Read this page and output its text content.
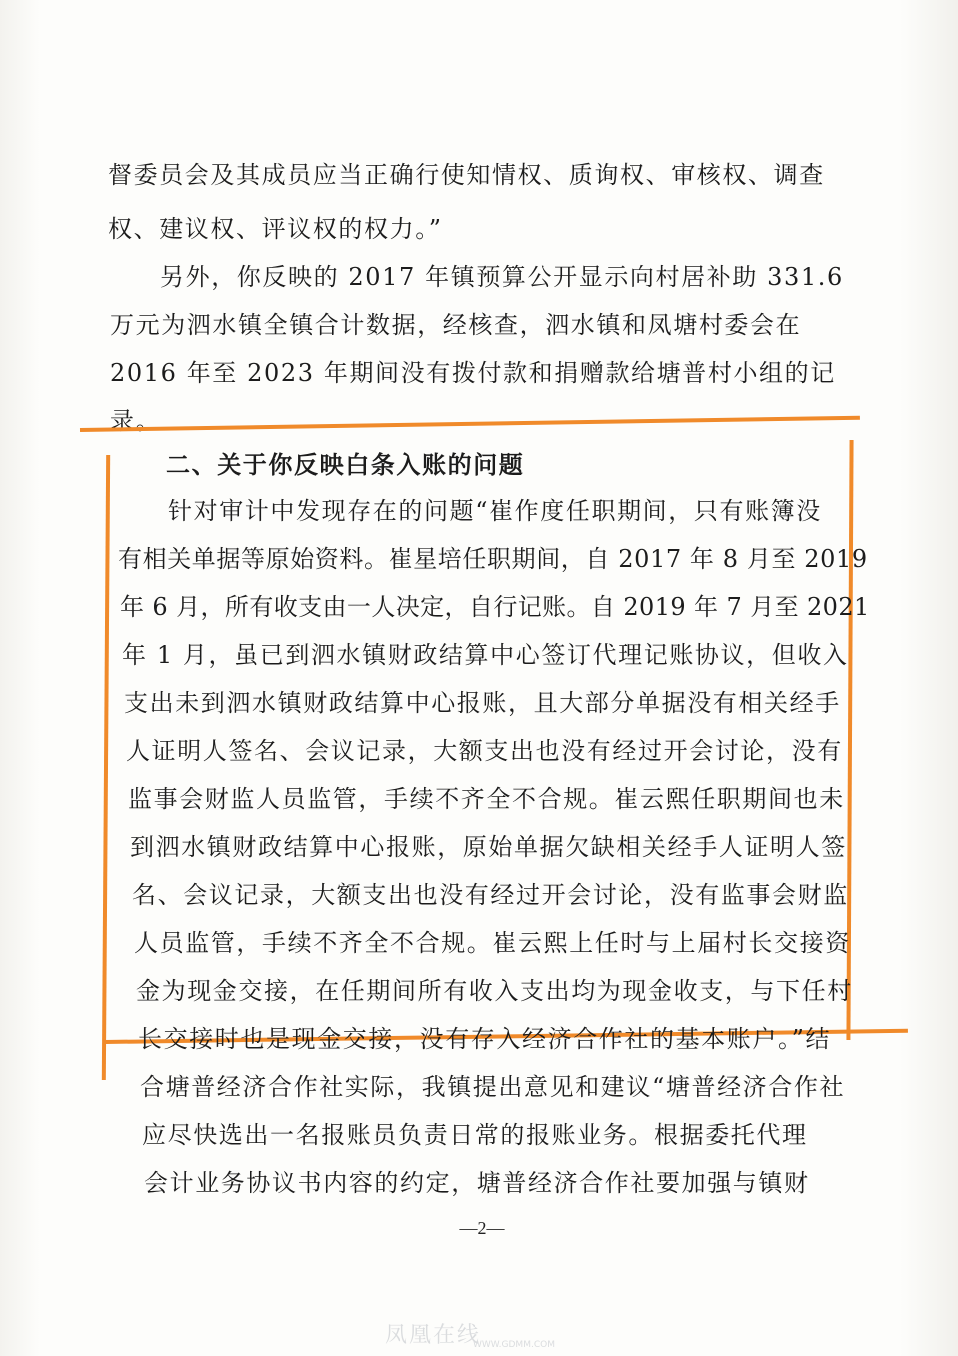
督委员会及其成员应当正确行使知情权、质询权、审核权、调查
权、建议权、评议权的权力。”
另外，你反映的 2017 年镇预算公开显示向村居补助 331.6
万元为泗水镇全镇合计数据，经核查，泗水镇和凤塘村委会在
2016 年至 2023 年期间没有拨付款和捐赠款给塘普村小组的记
录。
二、关于你反映白条入账的问题
针对审计中发现存在的问题“崔作度任职期间，只有账簿没
有相关单据等原始资料。崔星培任职期间，自 2017 年 8 月至 2019
年 6 月，所有收支由一人决定，自行记账。自 2019 年 7 月至 2021
年 1 月，虽已到泗水镇财政结算中心签订代理记账协议，但收入
支出未到泗水镇财政结算中心报账，且大部分单据没有相关经手
人证明人签名、会议记录，大额支出也没有经过开会讨论，没有
监事会财监人员监管，手续不齐全不合规。崔云熙任职期间也未
到泗水镇财政结算中心报账，原始单据欠缺相关经手人证明人签
名、会议记录，大额支出也没有经过开会讨论，没有监事会财监
人员监管，手续不齐全不合规。崔云熙上任时与上届村长交接资
金为现金交接，在任期间所有收入支出均为现金收支，与下任村
长交接时也是现金交接，没有存入经济合作社的基本账户。”结
合塘普经济合作社实际，我镇提出意见和建议“塘普经济合作社
应尽快选出一名报账员负责日常的报账业务。根据委托代理
会计业务协议书内容的约定，塘普经济合作社要加强与镇财
—2—
凤凰在线
WWW.GDMM.COM
